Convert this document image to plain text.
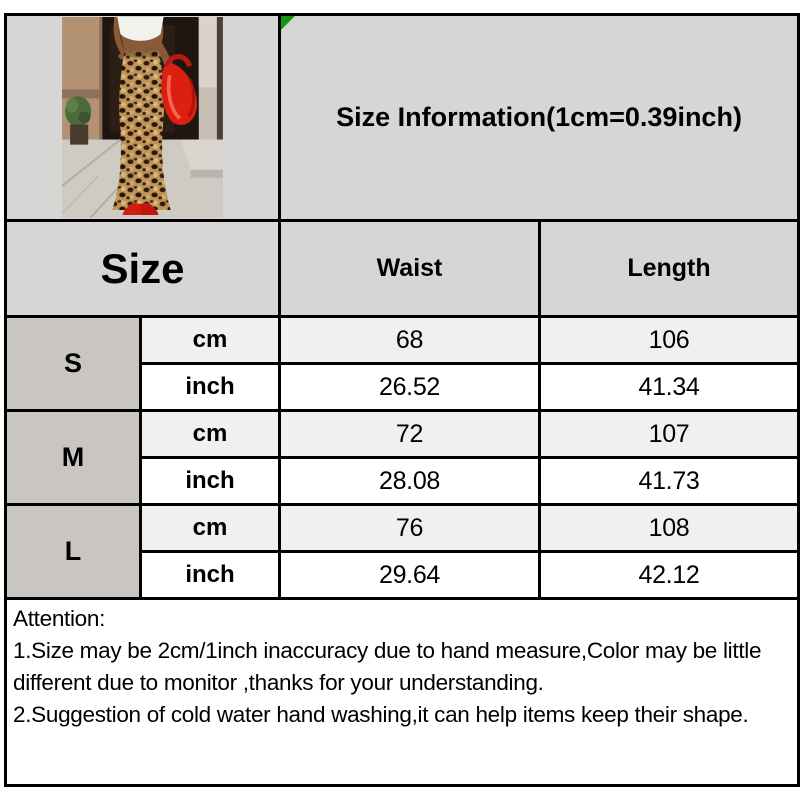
Size Information(1cm=0.39inch)	

Size		Waist	Length
S	cm	68	106
	inch	26.52	41.34
M	cm	72	107
	inch	28.08	41.73
L	cm	76	108
	inch	29.64	42.12

Attention:

1.Size may be 2cm/1inch inaccuracy due to hand measure,Color may be little different due to monitor ,thanks for your understanding.

2.Suggestion of cold water hand washing,it can help items keep their shape.			
